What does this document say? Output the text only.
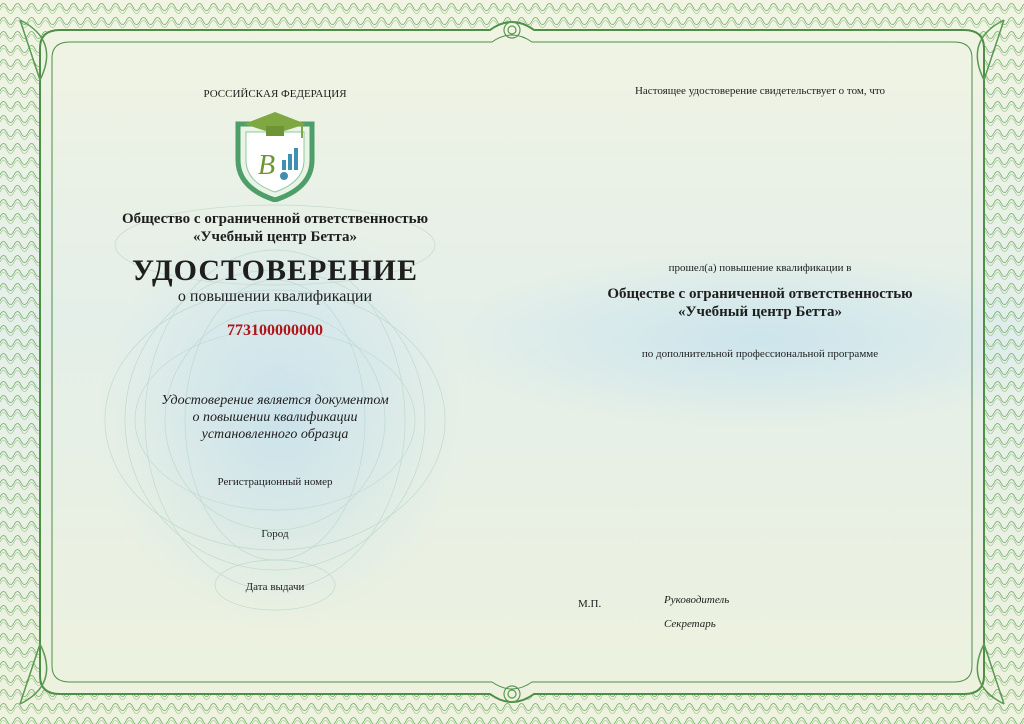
РОССИЙСКАЯ ФЕДЕРАЦИЯ
В
Общество с ограниченной ответственностью
«Учебный центр Бетта»
УДОСТОВЕРЕНИЕ
о повышении квалификации
773100000000
Удостоверение является документом
о повышении квалификации
установленного образца
Регистрационный номер
Город
Дата выдачи
Настоящее удостоверение свидетельствует о том, что
прошел(а) повышение квалификации в
Обществе с ограниченной ответственностью
«Учебный центр Бетта»
по дополнительной профессиональной программе
М.П.	Руководитель
Секретарь
